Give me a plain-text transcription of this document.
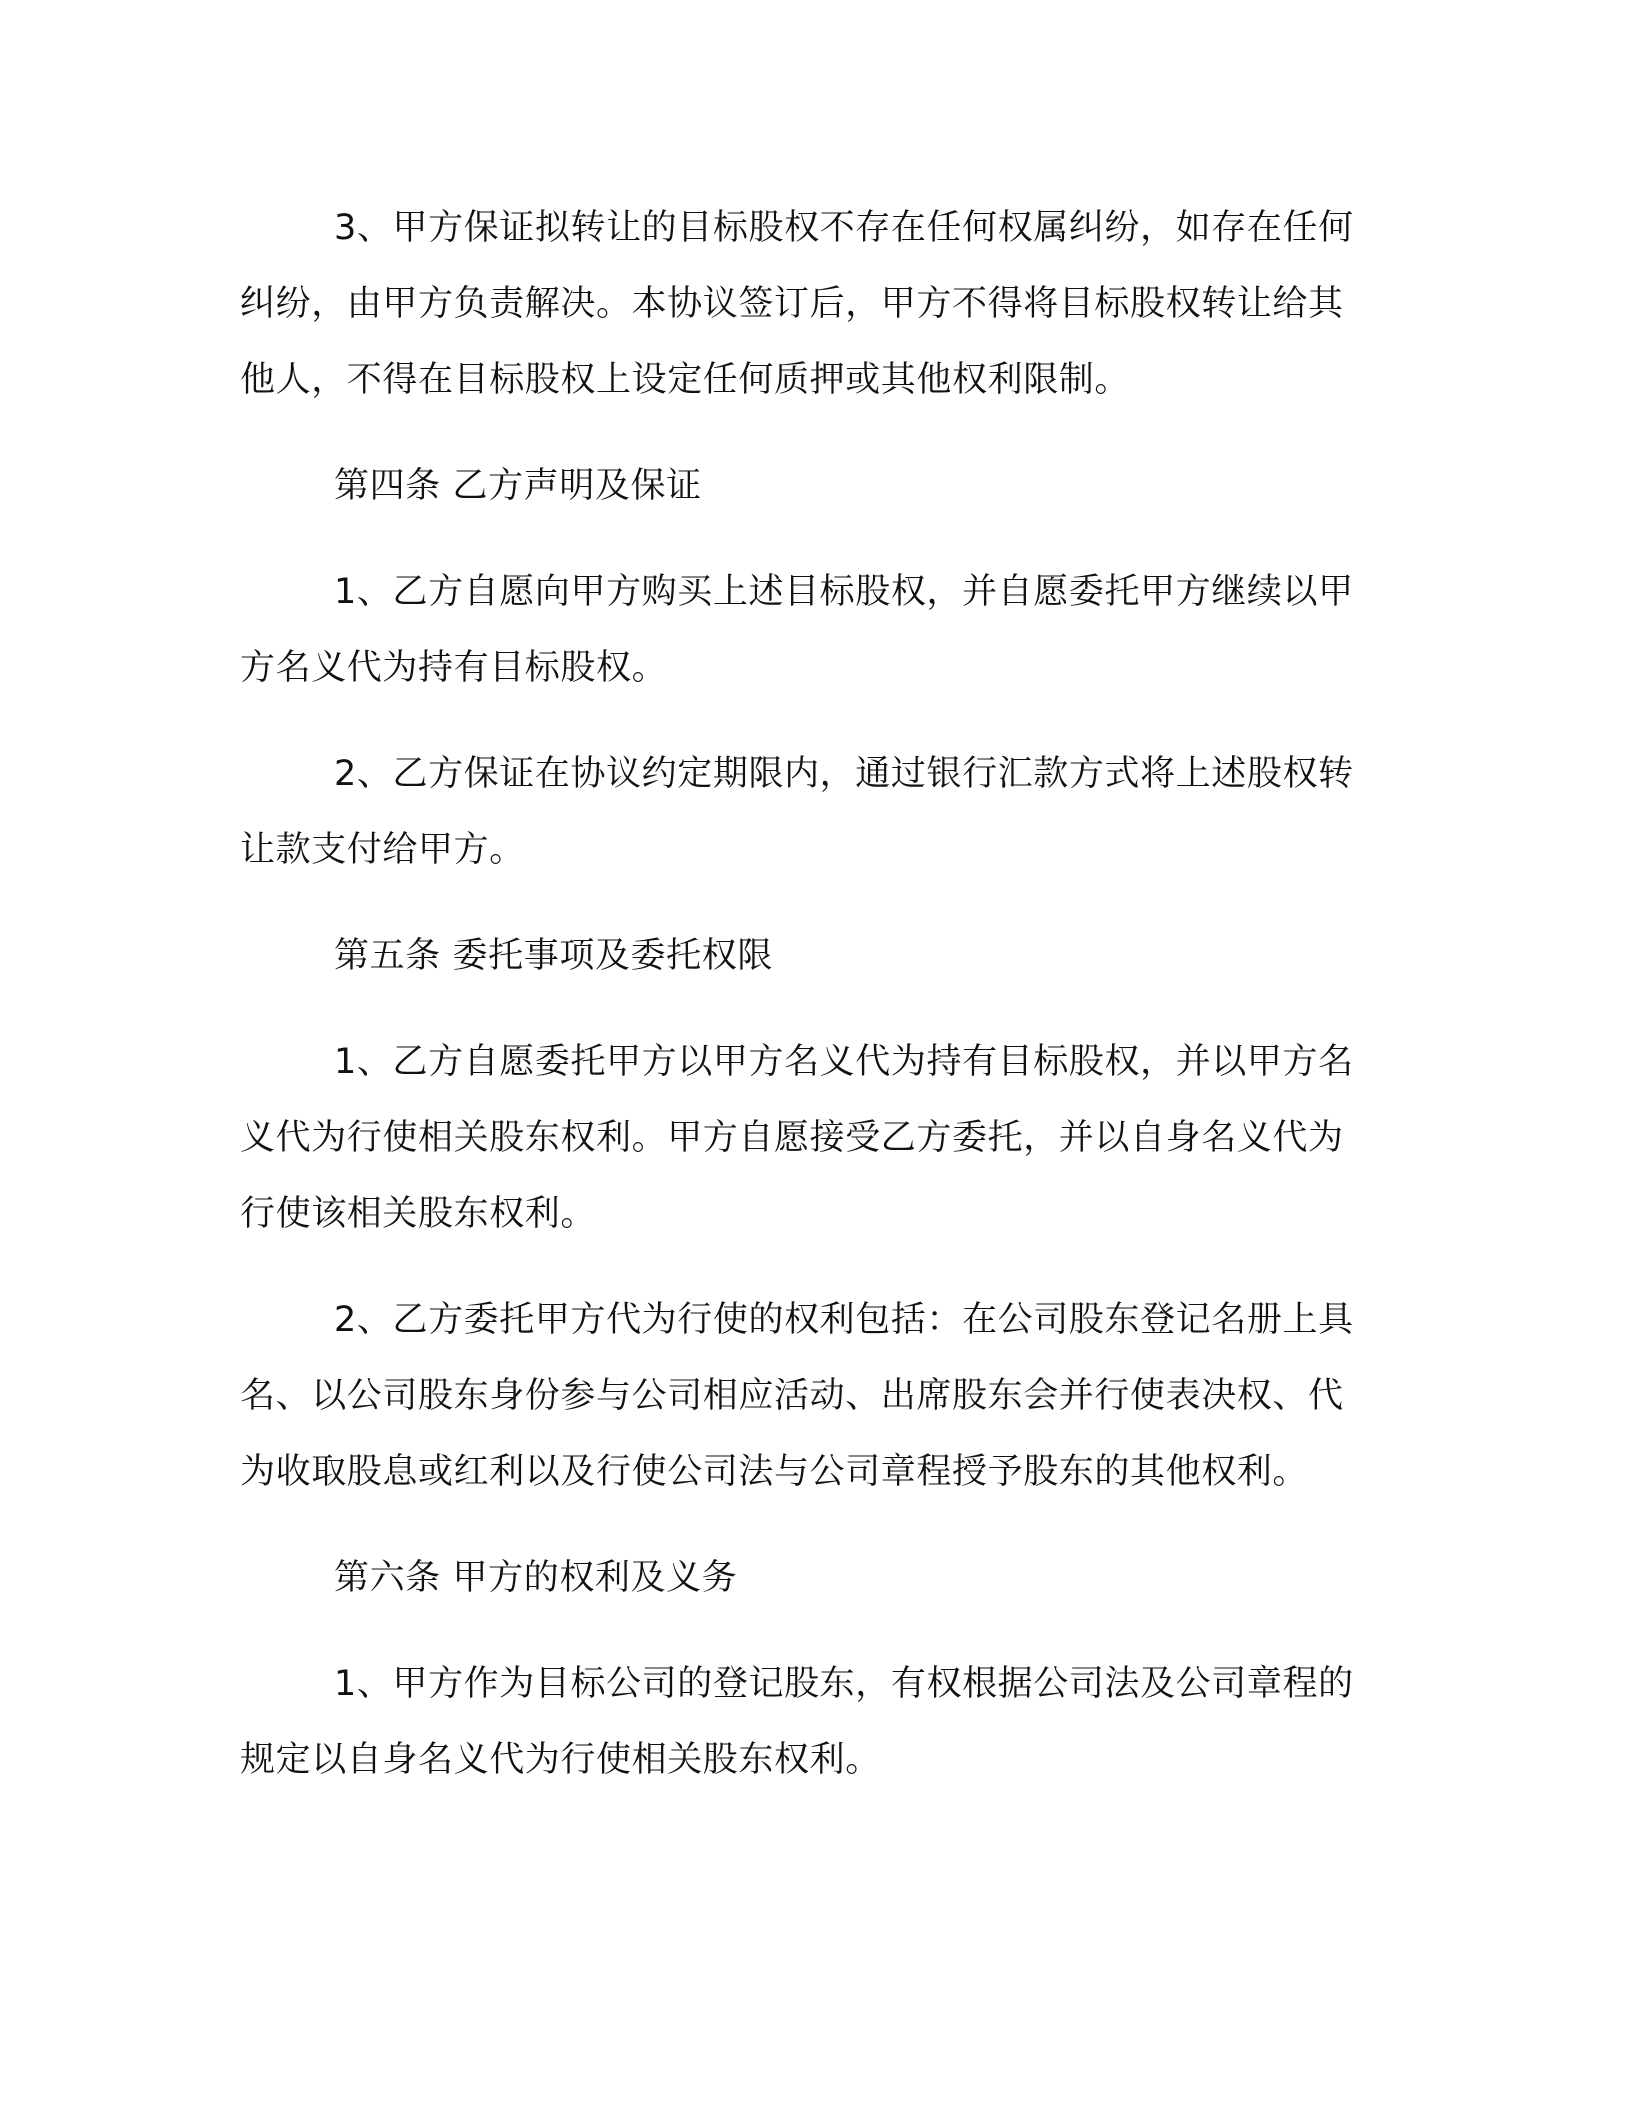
3、甲方保证拟转让的目标股权不存在任何权属纠纷，如存在任何纠纷，由甲方负责解决。本协议签订后，甲方不得将目标股权转让给其他人，不得在目标股权上设定任何质押或其他权利限制。

第四条 乙方声明及保证

1、乙方自愿向甲方购买上述目标股权，并自愿委托甲方继续以甲方名义代为持有目标股权。

2、乙方保证在协议约定期限内，通过银行汇款方式将上述股权转让款支付给甲方。

第五条 委托事项及委托权限

1、乙方自愿委托甲方以甲方名义代为持有目标股权，并以甲方名义代为行使相关股东权利。甲方自愿接受乙方委托，并以自身名义代为行使该相关股东权利。

2、乙方委托甲方代为行使的权利包括：在公司股东登记名册上具名、以公司股东身份参与公司相应活动、出席股东会并行使表决权、代为收取股息或红利以及行使公司法与公司章程授予股东的其他权利。

第六条 甲方的权利及义务

1、甲方作为目标公司的登记股东，有权根据公司法及公司章程的规定以自身名义代为行使相关股东权利。
